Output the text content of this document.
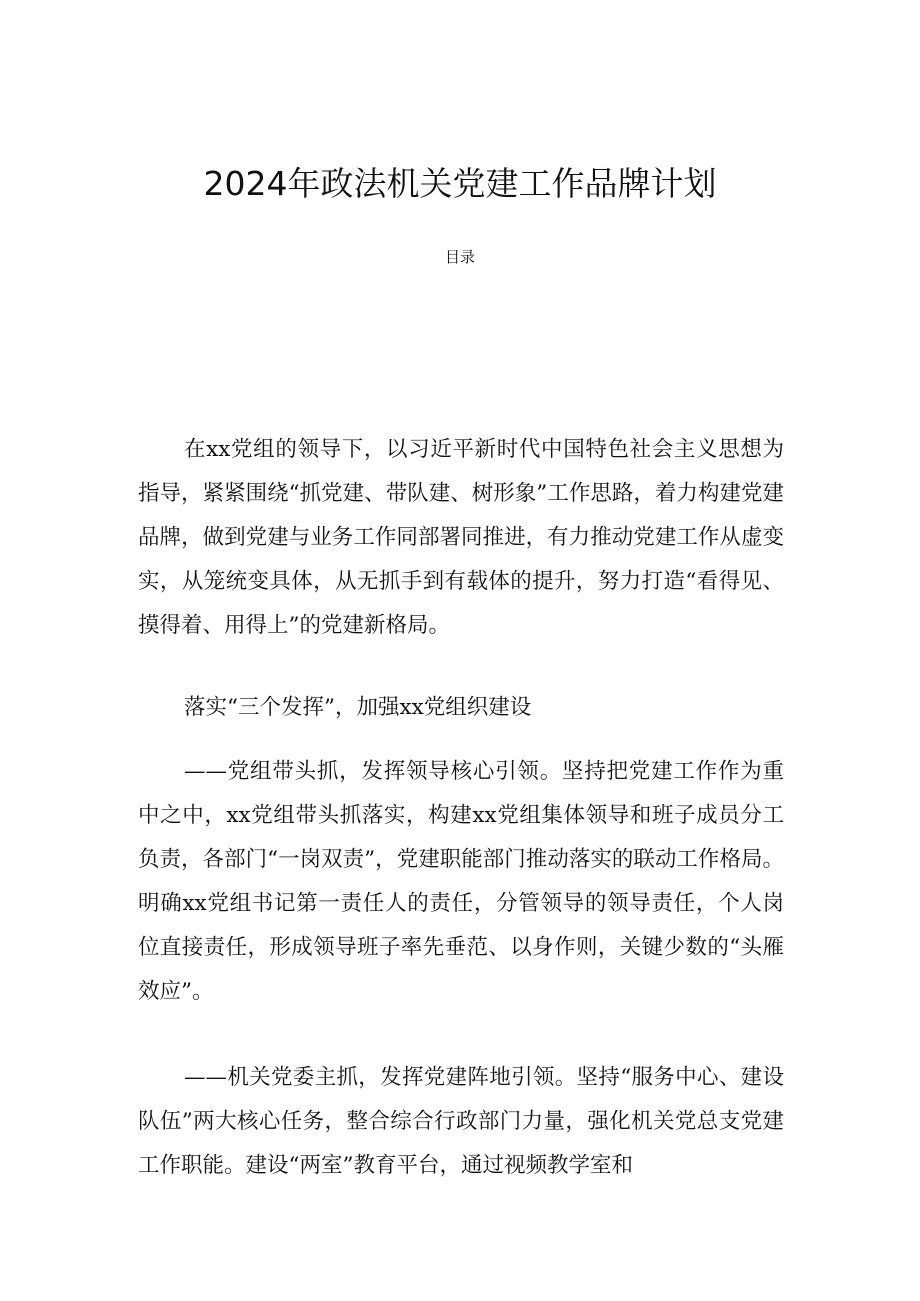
2024年政法机关党建工作品牌计划
目录

在xx党组的领导下，以习近平新时代中国特色社会主义思想为指导，紧紧围绕“抓党建、带队建、树形象”工作思路，着力构建党建品牌，做到党建与业务工作同部署同推进，有力推动党建工作从虚变实，从笼统变具体，从无抓手到有载体的提升，努力打造“看得见、摸得着、用得上”的党建新格局。

落实“三个发挥”，加强xx党组织建设

——党组带头抓，发挥领导核心引领。坚持把党建工作作为重中之中，xx党组带头抓落实，构建xx党组集体领导和班子成员分工负责，各部门“一岗双责”，党建职能部门推动落实的联动工作格局。明确xx党组书记第一责任人的责任，分管领导的领导责任，个人岗位直接责任，形成领导班子率先垂范、以身作则，关键少数的“头雁效应”。

——机关党委主抓，发挥党建阵地引领。坚持“服务中心、建设队伍”两大核心任务，整合综合行政部门力量，强化机关党总支党建工作职能。建设“两室”教育平台，通过视频教学室和
